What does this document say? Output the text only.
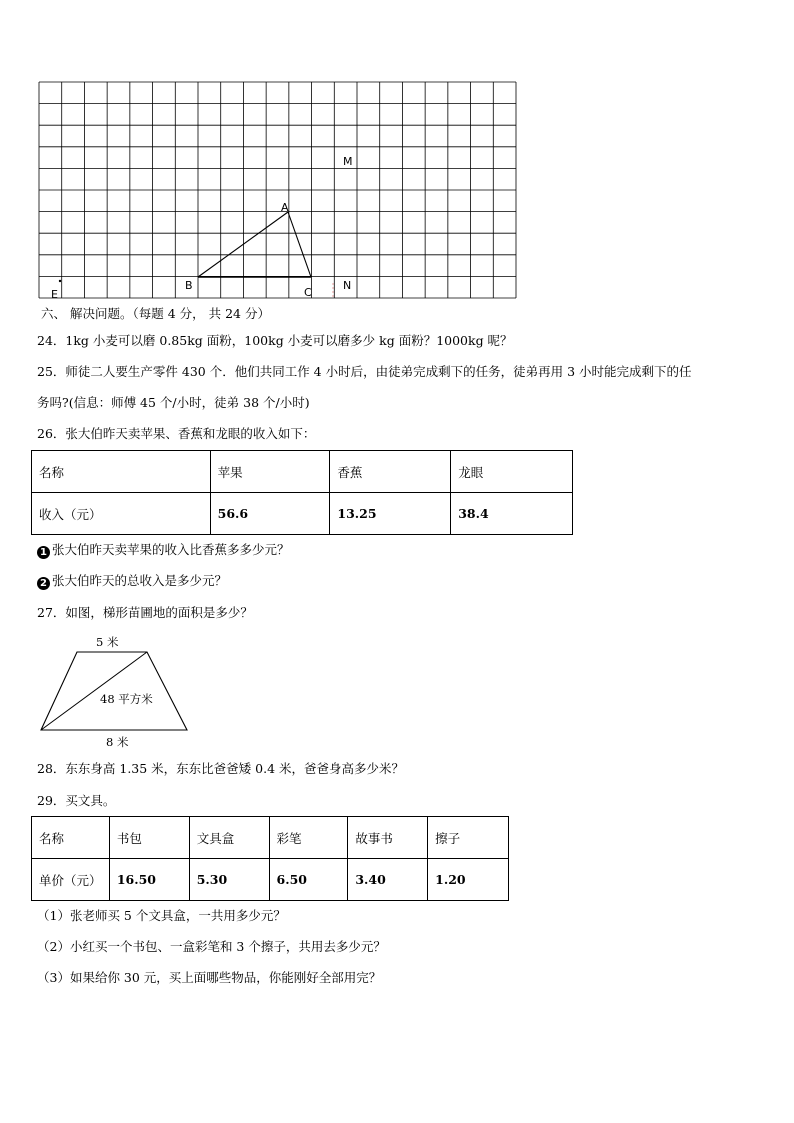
M
A
B
C
N
E
六、 解决问题。（每题 4 分， 共 24 分）
24．1kg 小麦可以磨 0.85kg 面粉，100kg 小麦可以磨多少 kg 面粉？1000kg 呢？
25．师徒二人要生产零件 430 个．他们共同工作 4 小时后，由徒弟完成剩下的任务，徒弟再用 3 小时能完成剩下的任
务吗?(信息：师傅 45 个/小时，徒弟 38 个/小时)
26．张大伯昨天卖苹果、香蕉和龙眼的收入如下：
名称	苹果	香蕉	龙眼
收入（元）	56.6	13.25	38.4
1 张大伯昨天卖苹果的收入比香蕉多多少元？
2 张大伯昨天的总收入是多少元？
27．如图，梯形苗圃地的面积是多少？
5 米
48 平方米
8 米
28．东东身高 1.35 米，东东比爸爸矮 0.4 米，爸爸身高多少米？
29．买文具。
名称	书包	文具盒	彩笔	故事书	擦子
单价（元）	16.50	5.30	6.50	3.40	1.20
（1）张老师买 5 个文具盒，一共用多少元？
（2）小红买一个书包、一盒彩笔和 3 个擦子，共用去多少元？
（3）如果给你 30 元，买上面哪些物品，你能刚好全部用完？
